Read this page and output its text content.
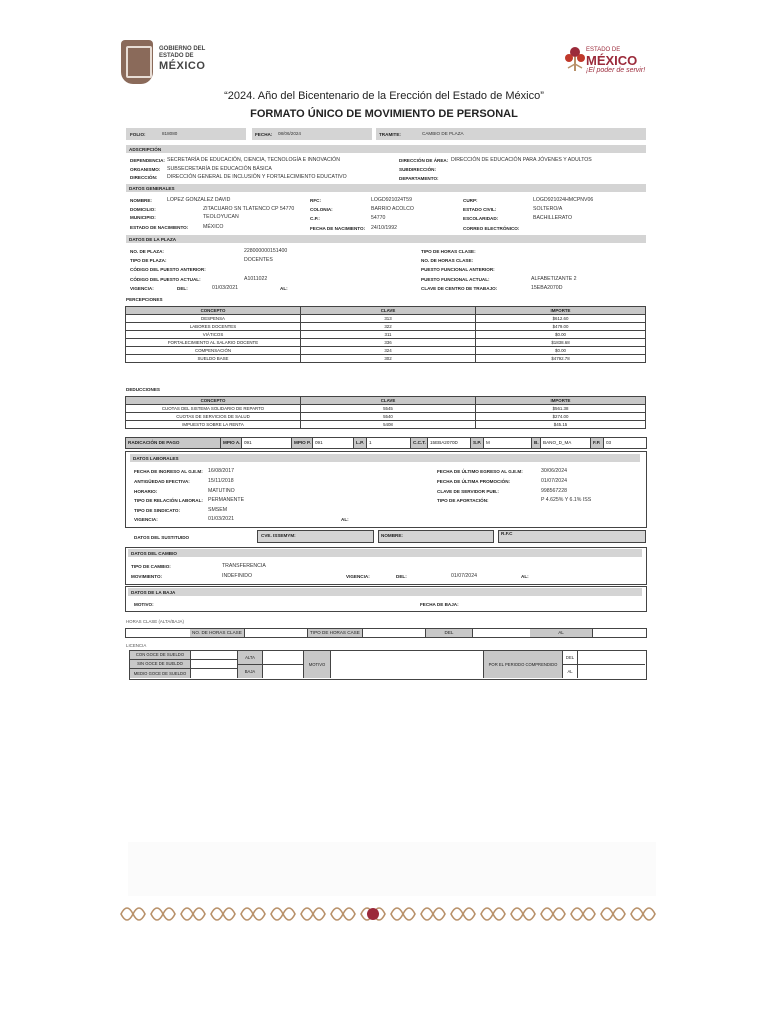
GOBIERNO DEL
ESTADO DE
MÉXICO
ESTADO DE
MÉXICO
¡El poder de servir!
“2024. Año del Bicentenario de la Erección del Estado de México”
FORMATO ÚNICO DE MOVIMIENTO DE PERSONAL
FOLIO:	818080	FECHA: 08/06/2024	TRAMITE:	CAMBIO DE PLAZA
ADSCRIPCIÓN
DEPENDENCIA: SECRETARÍA DE EDUCACIÓN, CIENCIA, TECNOLOGÍA E INNOVACIÓN
ORGANISMO: SUBSECRETARÍA DE EDUCACIÓN BÁSICA
DIRECCIÓN: DIRECCIÓN GENERAL DE INCLUSIÓN Y FORTALECIMIENTO EDUCATIVO
DIRECCIÓN DE ÁREA: DIRECCIÓN DE EDUCACIÓN PARA JÓVENES Y ADULTOS
SUBDIRECCIÓN:
DEPARTAMENTO:
DATOS GENERALES
NOMBRE:	LOPEZ GONZALEZ DAVID
DOMICILIO:	ZITACUARO SN TLATENCO CP 54770
MUNICIPIO:	TEOLOYUCAN
ESTADO DE NACIMIENTO:	MÉXICO
RFC:	LOGD921024T59
COLONIA:	BARRIO ACOLCO
C.P.:	54770
FECHA DE NACIMIENTO: 24/10/1992
CURP:	LOGD921024HMCPNV06
ESTADO CIVIL:	SOLTERO/A
ESCOLARIDAD:	BACHILLERATO
CORREO ELECTRÓNICO:
DATOS DE LA PLAZA
NO. DE PLAZA:	228000000151400
TIPO DE PLAZA:	DOCENTES
CÓDIGO DEL PUESTO ANTERIOR:
CÓDIGO DEL PUESTO ACTUAL:	A1011022
VIGENCIA:	DEL:	01/03/2021	AL:
TIPO DE HORAS CLASE:
NO. DE HORAS CLASE:
PUESTO FUNCIONAL ANTERIOR:
PUESTO FUNCIONAL ACTUAL:	ALFABETIZANTE 2
CLAVE DE CENTRO DE TRABAJO:	15EBA2070D
PERCEPCIONES
CONCEPTO	CLAVE	IMPORTE
DESPENSA	313	$612.60
LABORES DOCENTES	322	$479.00
VIÁTICOS	311	$0.00
FORTALECIMIENTO AL SALARIO DOCENTE	336	$1838.68
COMPENSACIÓN	324	$0.00
SUELDO BASE	302	$4792.78
DEDUCCIONES
CONCEPTO	CLAVE	IMPORTE
CUOTAS DEL SISTEMA SOLIDARIO DE REPARTO	5545	$561.38
CUOTAS DE SERVICIOS DE SALUD	5540	$274.00
IMPUESTO SOBRE LA RENTA	5408	$45.15
RADICACIÓN DE PAGO	MPIO A. 091	MPIO P. 091	L.P.	1	C.C.T. 15EBA2070D	S.P.	M	B. BANO_D_MA	F.P.	03
DATOS LABORALES
FECHA DE INGRESO AL G.E.M: 16/08/2017
ANTIGÜEDAD EFECTIVA:	15/11/2018
HORARIO:	MATUTINO
TIPO DE RELACIÓN LABORAL: PERMANENTE
TIPO DE SINDICATO:	SMSEM
VIGENCIA:	01/03/2021	AL:
FECHA DE ÚLTIMO EGRESO AL G.E.M:	30/06/2024
FECHA DE ÚLTIMA PROMOCIÓN:	01/07/2024
CLAVE DE SERVIDOR PUB.:	998567228
TIPO DE APORTACIÓN:	P 4.625% Y 6.1% ISS
DATOS DEL SUSTITUIDO	CVE. ISSEMYM:	NOMBRE:	R.F.C
DATOS DEL CAMBIO
TIPO DE CAMBIO:	TRANSFERENCIA
MOVIMIENTO:	INDEFINIDO	VIGENCIA:	DEL:	01/07/2024	AL:
DATOS DE LA BAJA
MOTIVO:	FECHA DE BAJA:
HORAS CLASE (ALTA/BAJA)
NO. DE HORAS CLASE	TIPO DE HORAS CASE	DEL	AL
LICENCIA
CON GOCE DE SUELDO
SIN GOCE DE SUELDO
MEDIO GOCE DE SUELDO
ALTA
BAJA
MOTIVO	POR EL PERIODO COMPRENDIDO
DEL
AL
